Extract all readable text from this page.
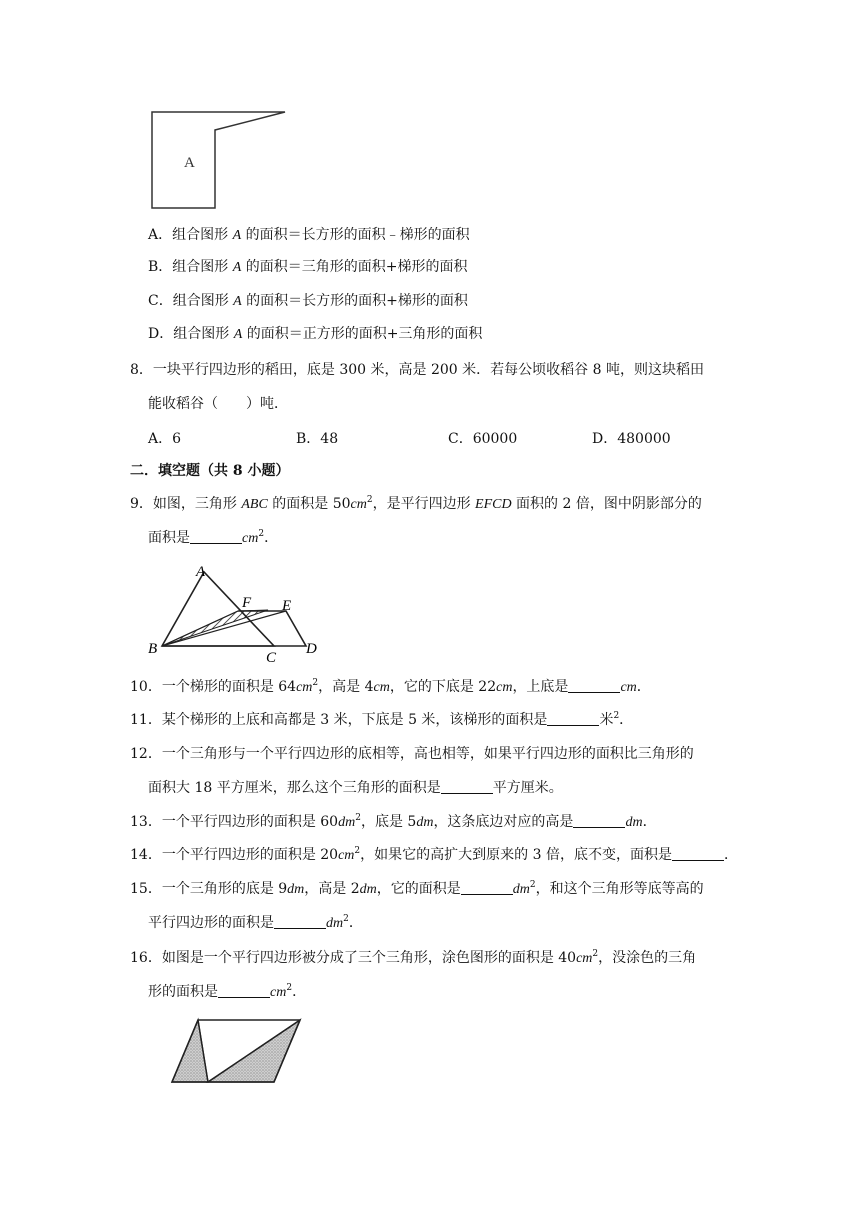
A
A．组合图形 A 的面积＝长方形的面积﹣梯形的面积
B．组合图形 A 的面积＝三角形的面积+梯形的面积
C．组合图形 A 的面积＝长方形的面积+梯形的面积
D．组合图形 A 的面积＝正方形的面积+三角形的面积
8．一块平行四边形的稻田，底是 300 米，高是 200 米．若每公顷收稻谷 8 吨，则这块稻田
能收稻谷（　　）吨．
A．6	B．48	C．60000	D．480000
二．填空题（共 8 小题）
9．如图，三角形 ABC 的面积是 $50cm^2$，是平行四边形 EFCD 面积的 2 倍，图中阴影部分的
面积是	$cm^2$．
A
B
C
D
E
F
10．一个梯形的面积是 $64cm^2$，高是 4cm，它的下底是 22cm，上底是	cm．
11．某个梯形的上底和高都是 3 米，下底是 5 米，该梯形的面积是	米$^2$．
12．一个三角形与一个平行四边形的底相等，高也相等，如果平行四边形的面积比三角形的
面积大 18 平方厘米，那么这个三角形的面积是	平方厘米。
13．一个平行四边形的面积是 $60dm^2$，底是 5dm，这条底边对应的高是	dm．
14．一个平行四边形的面积是 $20cm^2$，如果它的高扩大到原来的 3 倍，底不变，面积是	．
15．一个三角形的底是 9dm，高是 2dm，它的面积是	$dm^2$，和这个三角形等底等高的
平行四边形的面积是	$dm^2$．
16．如图是一个平行四边形被分成了三个三角形，涂色图形的面积是 $40cm^2$，没涂色的三角
形的面积是	$cm^2$．
